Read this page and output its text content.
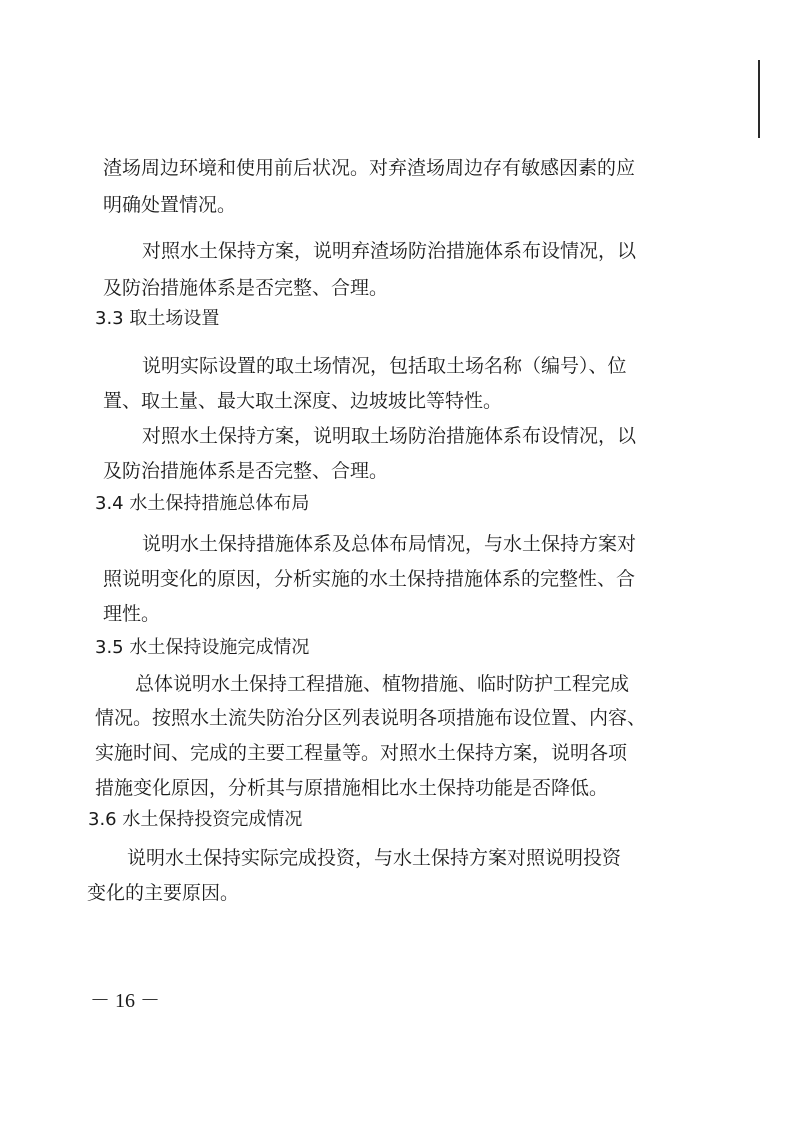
渣场周边环境和使用前后状况。对弃渣场周边存有敏感因素的应
明确处置情况。
对照水土保持方案，说明弃渣场防治措施体系布设情况，以
及防治措施体系是否完整、合理。
3.3 取土场设置
说明实际设置的取土场情况，包括取土场名称（编号）、位
置、取土量、最大取土深度、边坡坡比等特性。
对照水土保持方案，说明取土场防治措施体系布设情况，以
及防治措施体系是否完整、合理。
3.4 水土保持措施总体布局
说明水土保持措施体系及总体布局情况，与水土保持方案对
照说明变化的原因，分析实施的水土保持措施体系的完整性、合
理性。
3.5 水土保持设施完成情况
总体说明水土保持工程措施、植物措施、临时防护工程完成
情况。按照水土流失防治分区列表说明各项措施布设位置、内容、
实施时间、完成的主要工程量等。对照水土保持方案，说明各项
措施变化原因，分析其与原措施相比水土保持功能是否降低。
3.6 水土保持投资完成情况
说明水土保持实际完成投资，与水土保持方案对照说明投资
变化的主要原因。
－ 16 －
